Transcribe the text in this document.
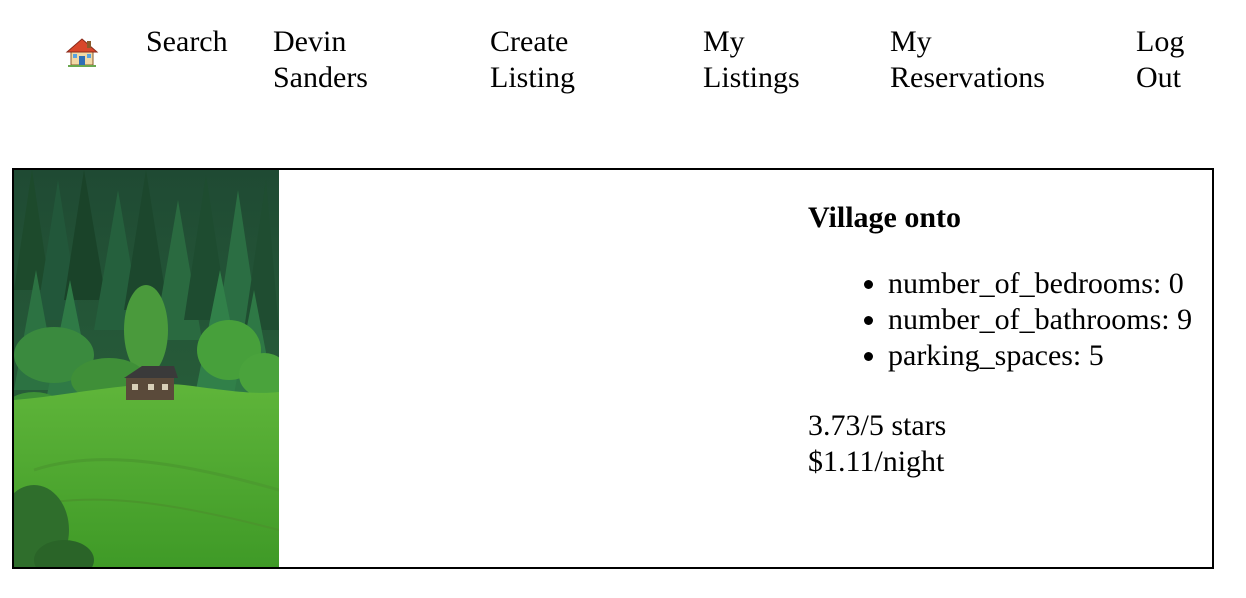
Search Devin
Sanders
Create
Listing
My
Listings
My
Reservations
Log
Out
Village onto
• number_of_bedrooms: 0
• number_of_bathrooms: 9
• parking_spaces: 5
3.73/5 stars
$1.11/night
